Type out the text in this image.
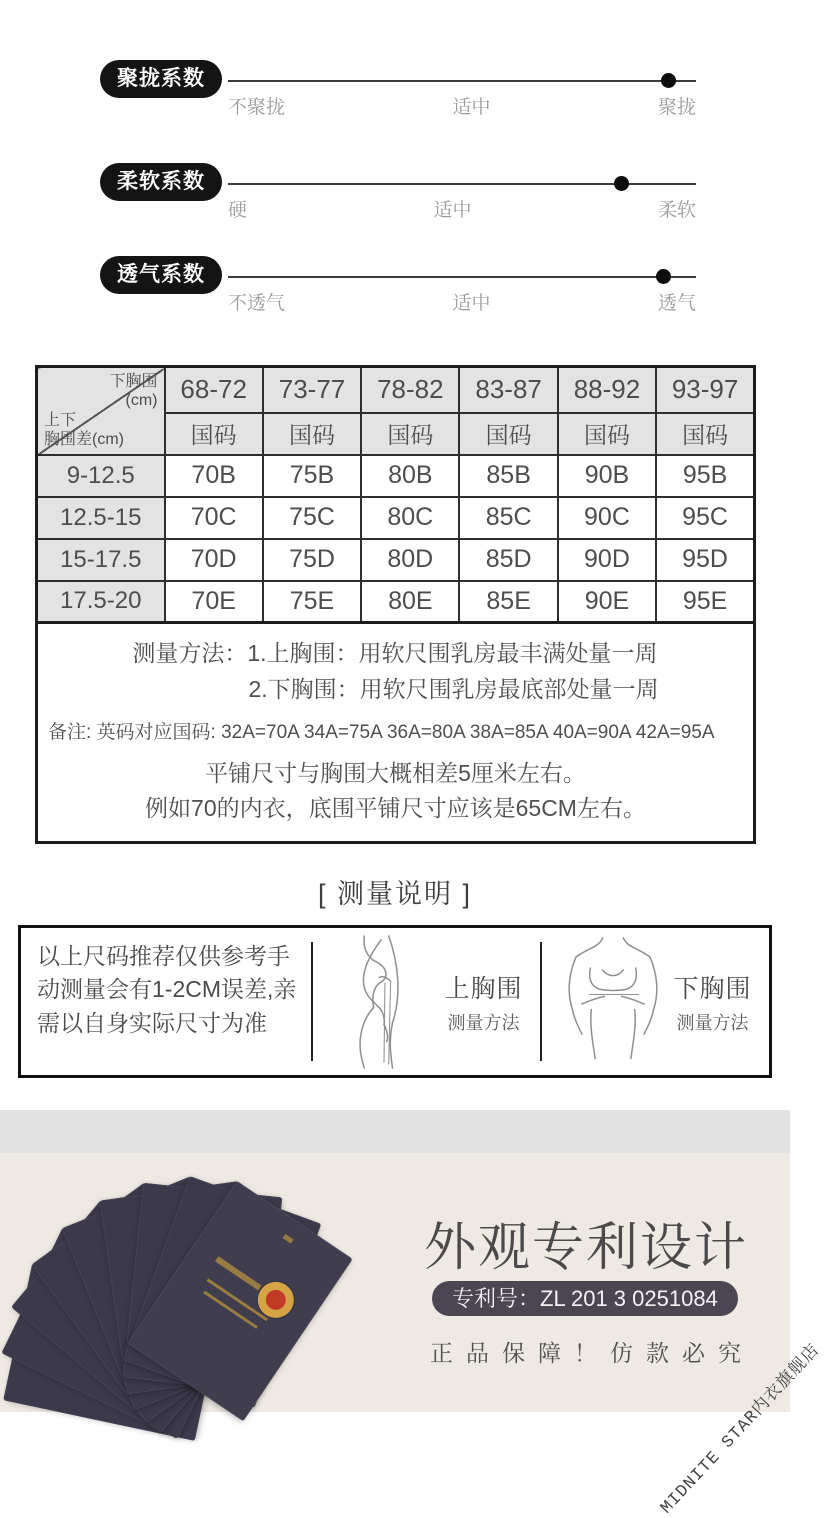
聚拢系数
不聚拢	适中	聚拢
柔软系数
硬	适中	柔软
透气系数
不透气	适中	透气
下胸围
(cm)
上下
胸围差(cm)	68-72	73-77	78-82	83-87	88-92	93-97
	国码	国码	国码	国码	国码	国码
9-12.5	70B	75B	80B	85B	90B	95B
12.5-15	70C	75C	80C	85C	90C	95C
15-17.5	70D	75D	80D	85D	90D	95D
17.5-20	70E	75E	80E	85E	90E	95E
测量方法：1.上胸围：用软尺围乳房最丰满处量一周
2.下胸围：用软尺围乳房最底部处量一周
备注: 英码对应国码: 32A=70A 34A=75A 36A=80A 38A=85A 40A=90A 42A=95A
平铺尺寸与胸围大概相差5厘米左右。
例如70的内衣，底围平铺尺寸应该是65CM左右。
[ 测量说明 ]
以上尺码推荐仅供参考手动测量会有1-2CM误差,亲需以自身实际尺寸为准
上胸围
测量方法
下胸围
测量方法
外观专利设计
专利号：ZL 201 3 0251084
正品保障！仿款必究
MIDNITE STAR内衣旗舰店
